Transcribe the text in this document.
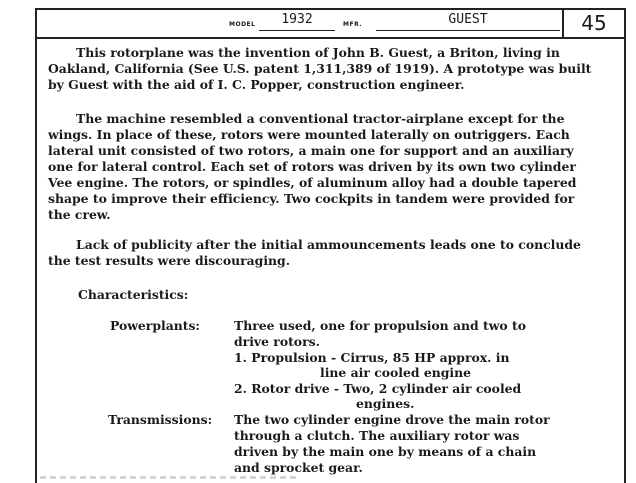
MODEL	1932	MFR.	GUEST	45
This rotorplane was the invention of John B. Guest, a Briton, living in
Oakland, California (See U.S. patent 1,311,389 of 1919). A prototype was built
by Guest with the aid of I. C. Popper, construction engineer.
The machine resembled a conventional tractor-airplane except for the
wings. In place of these, rotors were mounted laterally on outriggers. Each
lateral unit consisted of two rotors, a main one for support and an auxiliary
one for lateral control. Each set of rotors was driven by its own two cylinder
Vee engine. The rotors, or spindles, of aluminum alloy had a double tapered
shape to improve their efficiency. Two cockpits in tandem were provided for
the crew.
Lack of publicity after the initial ammouncements leads one to conclude
the test results were discouraging.
Characteristics:
Powerplants:	Three used, one for propulsion and two to
drive rotors.
1. Propulsion - Cirrus, 85 HP approx. in
line air cooled engine
2. Rotor drive - Two, 2 cylinder air cooled
engines.
Transmissions: The two cylinder engine drove the main rotor
through a clutch. The auxiliary rotor was
driven by the main one by means of a chain
and sprocket gear.
